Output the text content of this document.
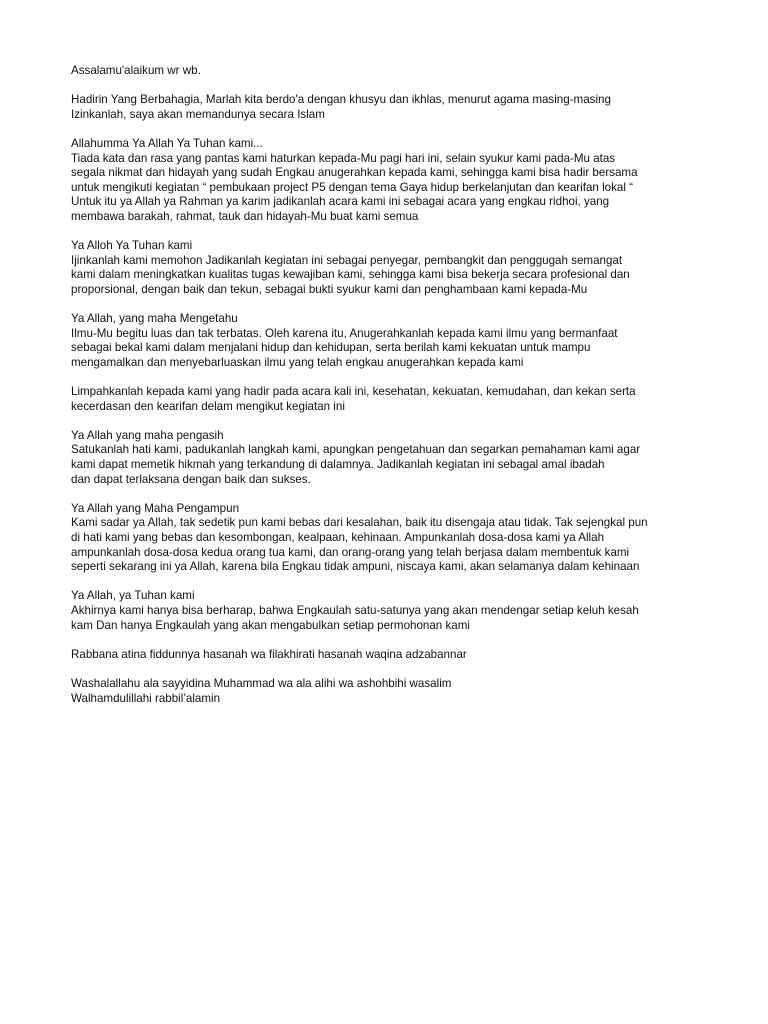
Assalamu'alaikum wr wb.
Hadirin Yang Berbahagia, Marlah kita berdo'a dengan khusyu dan ikhlas, menurut agama masing-masing
Izinkanlah, saya akan memandunya secara Islam
Allahumma Ya Allah Ya Tuhan kami...
Tiada kata dan rasa yang pantas kami haturkan kepada-Mu pagi hari ini, selain syukur kami pada-Mu atas
segala nikmat dan hidayah yang sudah Engkau anugerahkan kepada kami, sehingga kami bisa hadir bersama
untuk mengikuti kegiatan “ pembukaan project P5 dengan tema Gaya hidup berkelanjutan dan kearifan lokal “
Untuk itu ya Allah ya Rahman ya karim jadikanlah acara kami ini sebagai acara yang engkau ridhoi, yang
membawa barakah, rahmat, tauk dan hidayah-Mu buat kami semua
Ya Alloh Ya Tuhan kami
Ijinkanlah kami memohon Jadikanlah kegiatan ini sebagai penyegar, pembangkit dan penggugah semangat
kami dalam meningkatkan kualitas tugas kewajiban kami, sehingga kami bisa bekerja secara profesional dan
proporsional, dengan baik dan tekun, sebagai bukti syukur kami dan penghambaan kami kepada-Mu
Ya Allah, yang maha Mengetahu
Ilmu-Mu begitu luas dan tak terbatas. Oleh karena itu, Anugerahkanlah kepada kami ilmu yang bermanfaat
sebagai bekal kami dalam menjalani hidup dan kehidupan, serta berilah kami kekuatan untuk mampu
mengamalkan dan menyebarluaskan ilmu yang telah engkau anugerahkan kepada kami
Limpahkanlah kepada kami yang hadir pada acara kali ini, kesehatan, kekuatan, kemudahan, dan kekan serta
kecerdasan den kearifan delam mengikut kegiatan ini
Ya Allah yang maha pengasih
Satukanlah hati kami, padukanlah langkah kami, apungkan pengetahuan dan segarkan pemahaman kami agar
kami dapat memetik hikmah yang terkandung di dalamnya. Jadikanlah kegiatan ini sebagal amal ibadah
dan dapat terlaksana dengan baik dan sukses.
Ya Allah yang Maha Pengampun
Kami sadar ya Allah, tak sedetik pun kami bebas dari kesalahan, baik itu disengaja atau tidak. Tak sejengkal pun
di hati kami yang bebas dan kesombongan, kealpaan, kehinaan. Ampunkanlah dosa-dosa kami ya Allah
ampunkanlah dosa-dosa kedua orang tua kami, dan orang-orang yang telah berjasa dalam membentuk kami
seperti sekarang ini ya Allah, karena bila Engkau tidak ampuni, niscaya kami, akan selamanya dalam kehinaan
Ya Allah, ya Tuhan kami
Akhirnya kami hanya bisa berharap, bahwa Engkaulah satu-satunya yang akan mendengar setiap keluh kesah
kam Dan hanya Engkaulah yang akan mengabulkan setiap permohonan kami
Rabbana atina fiddunnya hasanah wa filakhirati hasanah waqina adzabannar
Washalallahu ala sayyidina Muhammad wa ala alihi wa ashohbihi wasalim
Walhamdulillahi rabbil’alamin
